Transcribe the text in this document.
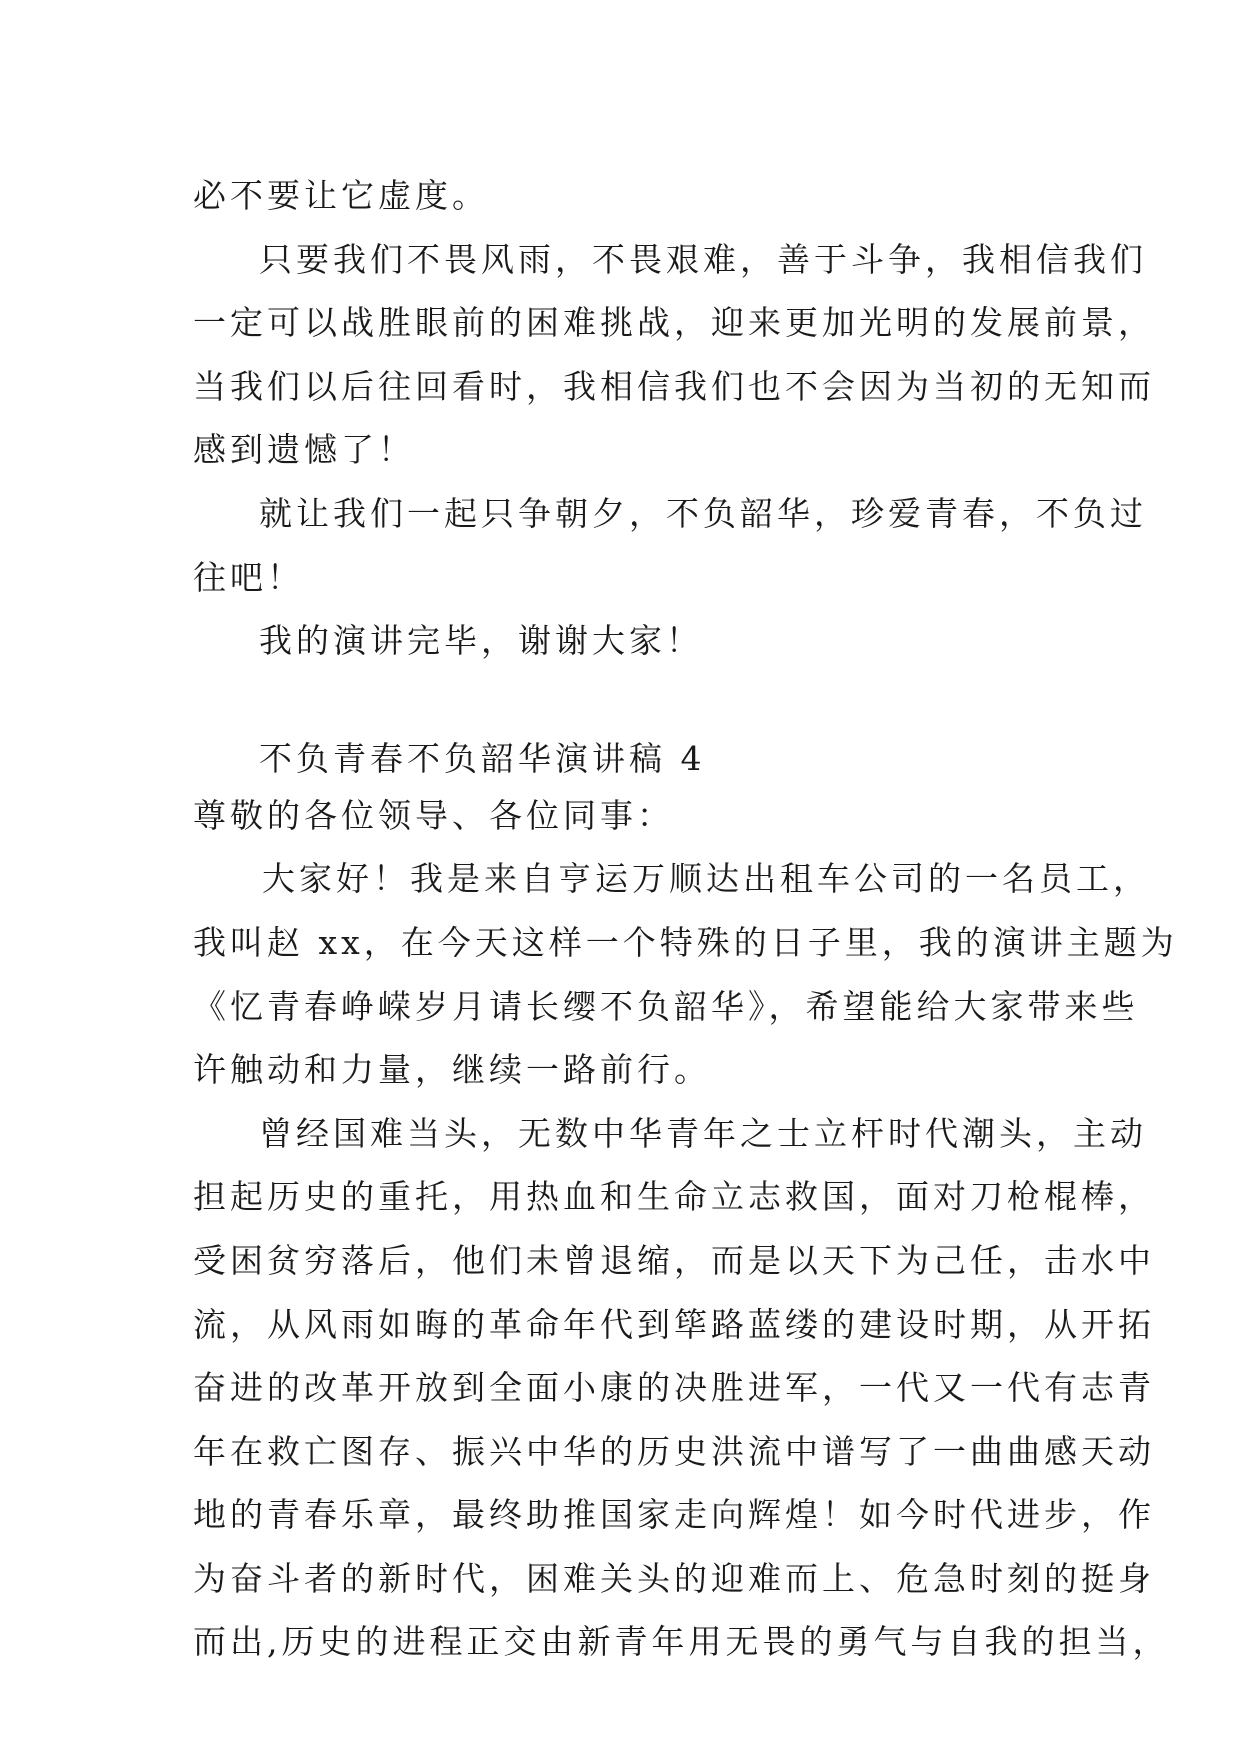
必不要让它虚度。
只要我们不畏风雨，不畏艰难，善于斗争，我相信我们
一定可以战胜眼前的困难挑战，迎来更加光明的发展前景，
当我们以后往回看时，我相信我们也不会因为当初的无知而
感到遗憾了！
就让我们一起只争朝夕，不负韶华，珍爱青春，不负过
往吧！
我的演讲完毕，谢谢大家！
不负青春不负韶华演讲稿 4
尊敬的各位领导、各位同事：
大家好！我是来自亨运万顺达出租车公司的一名员工，
我叫赵 xx，在今天这样一个特殊的日子里，我的演讲主题为
《忆青春峥嵘岁月请长缨不负韶华》，希望能给大家带来些
许触动和力量，继续一路前行。
曾经国难当头，无数中华青年之士立杆时代潮头，主动
担起历史的重托，用热血和生命立志救国，面对刀枪棍棒，
受困贫穷落后，他们未曾退缩，而是以天下为己任，击水中
流，从风雨如晦的革命年代到筚路蓝缕的建设时期，从开拓
奋进的改革开放到全面小康的决胜进军，一代又一代有志青
年在救亡图存、振兴中华的历史洪流中谱写了一曲曲感天动
地的青春乐章，最终助推国家走向辉煌！如今时代进步，作
为奋斗者的新时代，困难关头的迎难而上、危急时刻的挺身
而出,历史的进程正交由新青年用无畏的勇气与自我的担当，
